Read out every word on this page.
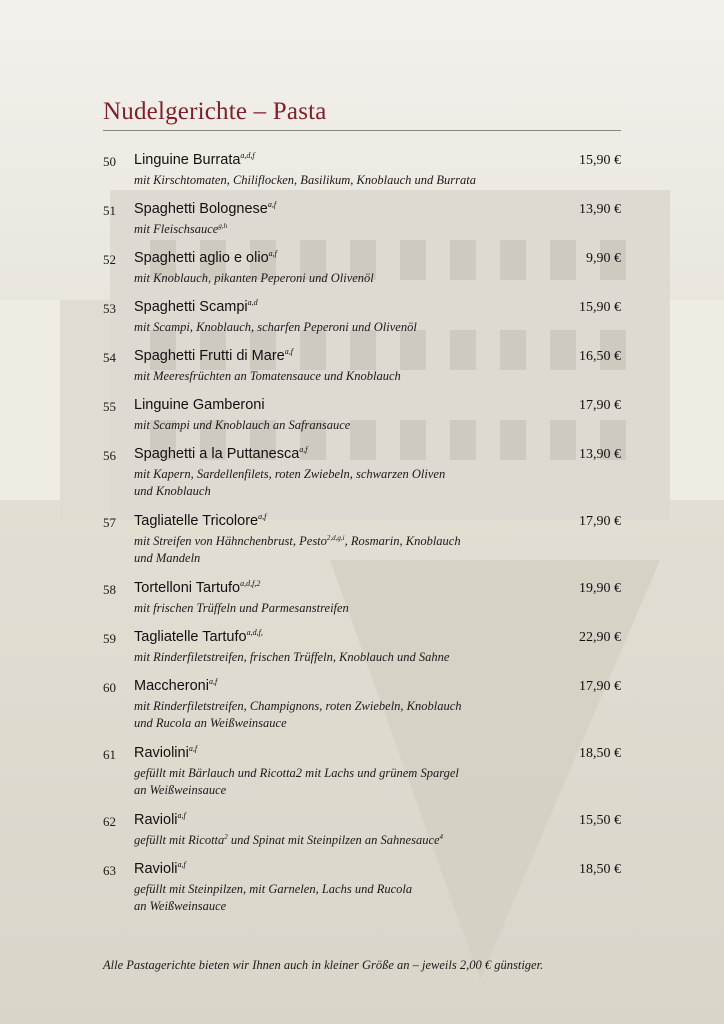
Nudelgerichte – Pasta
50 Linguine Burrata$^{a,d,f}$	15,90 €
mit Kirschtomaten, Chiliflocken, Basilikum, Knoblauch und Burrata
51 Spaghetti Bolognese$^{a,f}$	13,90 €
mit Fleischsauce$^{g,h}$
52 Spaghetti aglio e olio$^{a,f}$	9,90 €
mit Knoblauch, pikanten Peperoni und Olivenöl
53 Spaghetti Scampi$^{a,d}$	15,90 €
mit Scampi, Knoblauch, scharfen Peperoni und Olivenöl
54 Spaghetti Frutti di Mare$^{a,f}$	16,50 €
mit Meeresfrüchten an Tomatensauce und Knoblauch
55 Linguine Gamberoni	17,90 €
mit Scampi und Knoblauch an Safransauce
56 Spaghetti a la Puttanesca$^{a,f}$	13,90 €
mit Kapern, Sardellenfilets, roten Zwiebeln, schwarzen Oliven
und Knoblauch
57 Tagliatelle Tricolore$^{a,f}$	17,90 €
mit Streifen von Hähnchenbrust, Pesto$^{2,d,g,i}$, Rosmarin, Knoblauch
und Mandeln
58 Tortelloni Tartufo$^{a,d,f,2}$	19,90 €
mit frischen Trüffeln und Parmesanstreifen
59 Tagliatelle Tartufo$^{a,d,f,}$	22,90 €
mit Rinderfiletstreifen, frischen Trüffeln, Knoblauch und Sahne
60 Maccheroni$^{a,f}$	17,90 €
mit Rinderfiletstreifen, Champignons, roten Zwiebeln, Knoblauch
und Rucola an Weißweinsauce
61 Raviolini$^{a,f}$	18,50 €
gefüllt mit Bärlauch und Ricotta2 mit Lachs und grünem Spargel
an Weißweinsauce
62 Ravioli$^{a,f}$	15,50 €
gefüllt mit Ricotta$^2$ und Spinat mit Steinpilzen an Sahnesauce$^4$
63 Ravioli$^{a,f}$	18,50 €
gefüllt mit Steinpilzen, mit Garnelen, Lachs und Rucola
an Weißweinsauce
Alle Pastagerichte bieten wir Ihnen auch in kleiner Größe an – jeweils 2,00 € günstiger.
